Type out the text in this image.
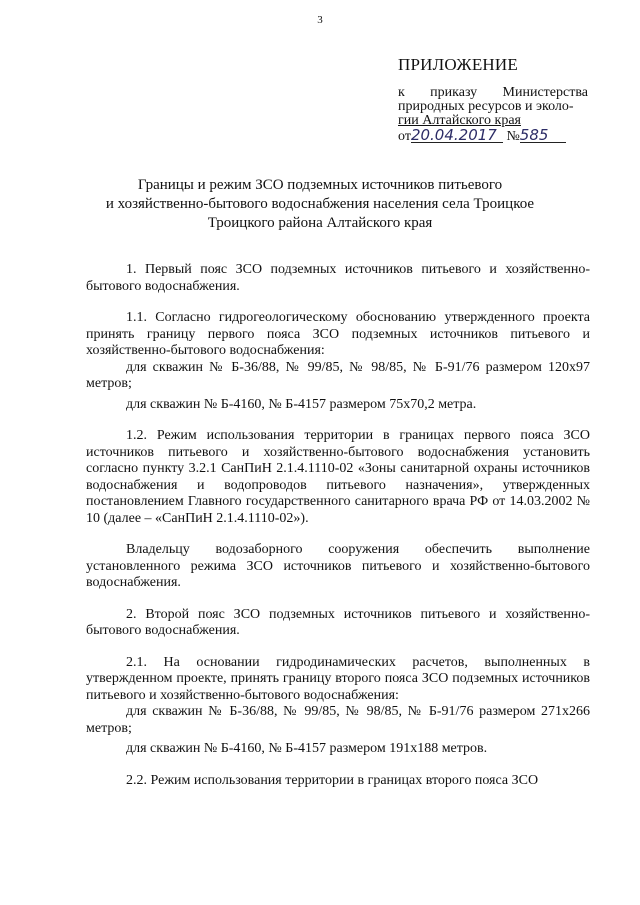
3
ПРИЛОЖЕНИЕ
к приказу Министерства
природных ресурсов и эколо-
гии Алтайского края
от20.04.2017 №585
Границы и режим ЗСО подземных источников питьевого
и хозяйственно-бытового водоснабжения населения села Троицкое
Троицкого района Алтайского края

1. Первый пояс ЗСО подземных источников питьевого и хозяйственно-бытового водоснабжения.

1.1. Согласно гидрогеологическому обоснованию утвержденного проекта принять границу первого пояса ЗСО подземных источников питьевого и хозяйственно-бытового водоснабжения:

для скважин № Б-36/88, № 99/85, № 98/85, № Б-91/76 размером 120х97 метров;

для скважин № Б-4160, № Б-4157 размером 75х70,2 метра.

1.2. Режим использования территории в границах первого пояса ЗСО источников питьевого и хозяйственно-бытового водоснабжения установить согласно пункту 3.2.1 СанПиН 2.1.4.1110-02 «Зоны санитарной охраны источников водоснабжения и водопроводов питьевого назначения», утвержденных постановлением Главного государственного санитарного врача РФ от 14.03.2002 № 10 (далее – «СанПиН 2.1.4.1110-02»).

Владельцу водозаборного сооружения обеспечить выполнение установленного режима ЗСО источников питьевого и хозяйственно-бытового водоснабжения.

2. Второй пояс ЗСО подземных источников питьевого и хозяйственно-бытового водоснабжения.

2.1. На основании гидродинамических расчетов, выполненных в утвержденном проекте, принять границу второго пояса ЗСО подземных источников питьевого и хозяйственно-бытового водоснабжения:

для скважин № Б-36/88, № 99/85, № 98/85, № Б-91/76 размером 271х266 метров;

для скважин № Б-4160, № Б-4157 размером 191х188 метров.

2.2. Режим использования территории в границах второго пояса ЗСО
